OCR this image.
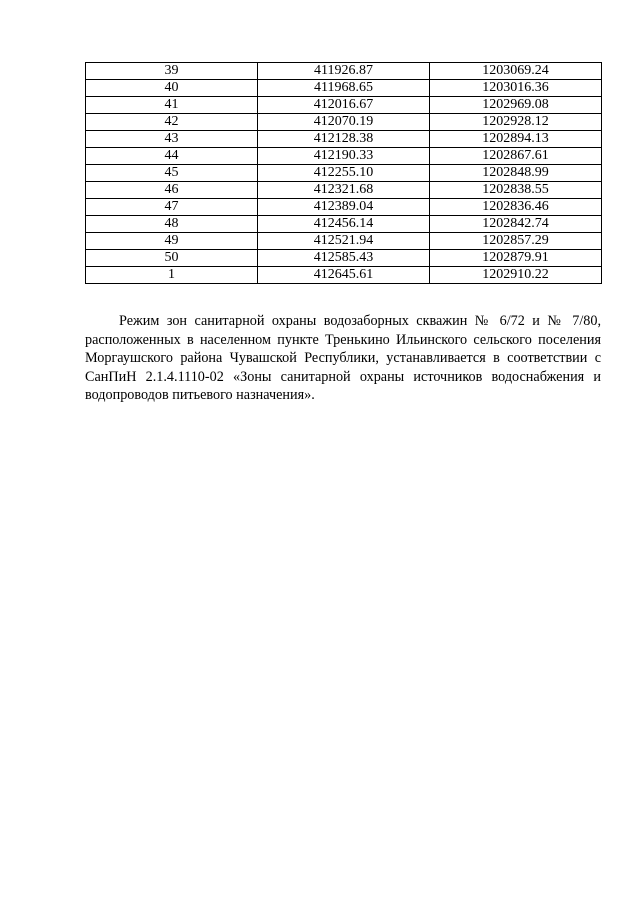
39	411926.87	1203069.24
40	411968.65	1203016.36
41	412016.67	1202969.08
42	412070.19	1202928.12
43	412128.38	1202894.13
44	412190.33	1202867.61
45	412255.10	1202848.99
46	412321.68	1202838.55
47	412389.04	1202836.46
48	412456.14	1202842.74
49	412521.94	1202857.29
50	412585.43	1202879.91
1	412645.61	1202910.22

Режим зон санитарной охраны водозаборных скважин № 6/72 и № 7/80, расположенных в населенном пункте Тренькино Ильинского сельского поселения Моргаушского района Чувашской Республики, устанавливается в соответствии с СанПиН 2.1.4.1110-02 «Зоны санитарной охраны источников водоснабжения и водопроводов питьевого назначения».
